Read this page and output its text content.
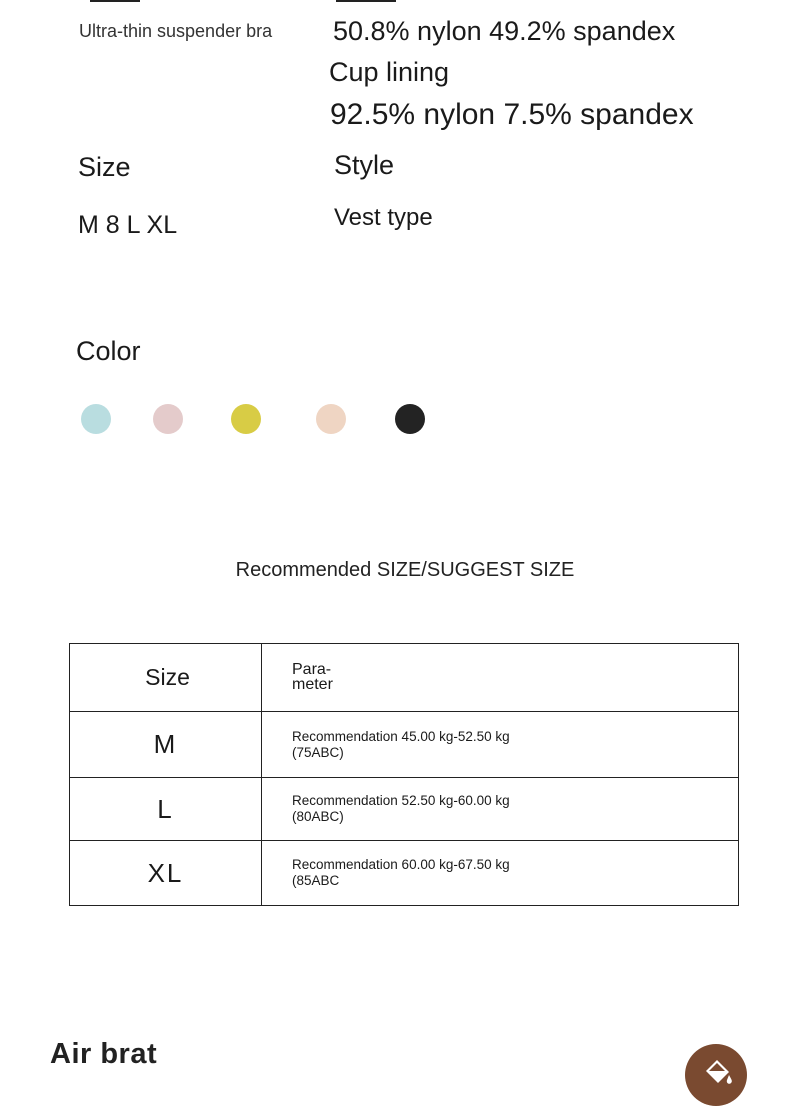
Ultra-thin suspender bra 50.8% nylon 49.2% spandex
Cup lining
92.5% nylon 7.5% spandex
Size
M 8 L XL
Style
Vest type
Color
Recommended SIZE/SUGGEST SIZE
Size	Para- meter
M	Recommendation 45.00 kg-52.50 kg
(75ABC)

L	Recommendation 52.50 kg-60.00 kg
(80ABC)

XL	Recommendation 60.00 kg-67.50 kg
(85ABC
Air brat
